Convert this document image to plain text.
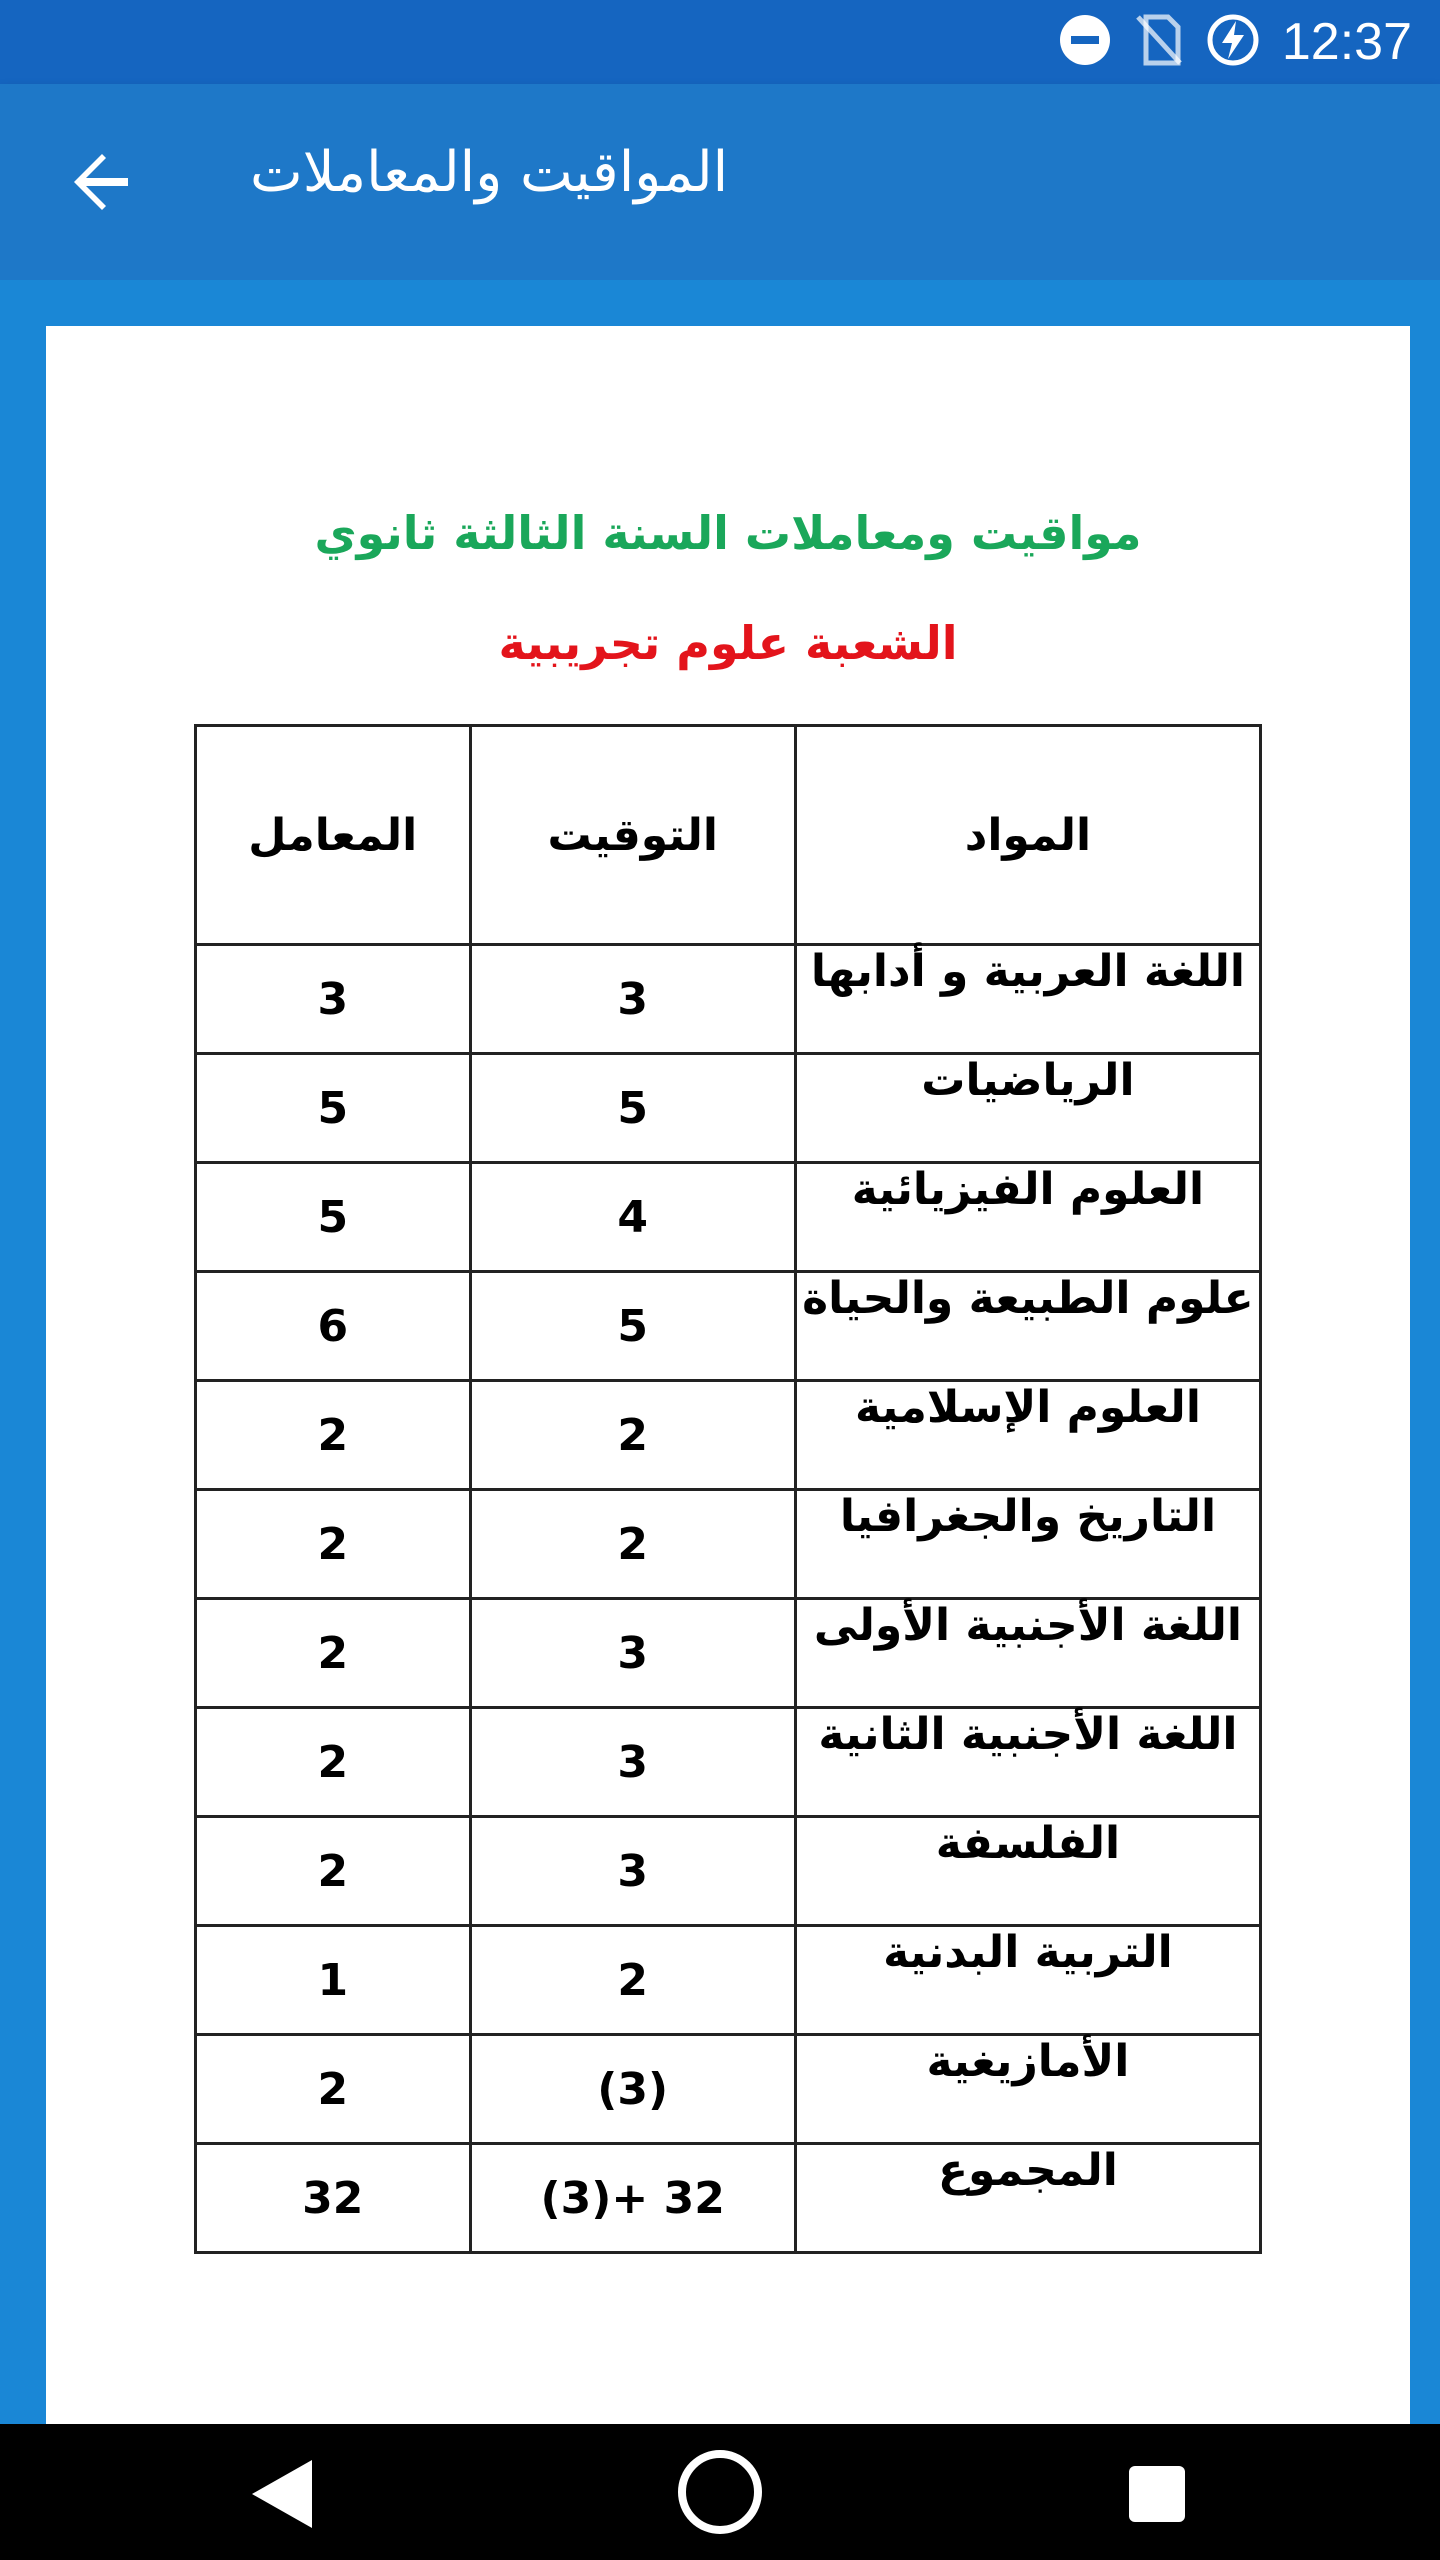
12:37
المواقيت والمعاملات
مواقيت ومعاملات السنة الثالثة ثانوي
الشعبة علوم تجريبية
المواد	التوقيت	المعامل
اللغة العربية و أدابها	3	3
الرياضيات	5	5
العلوم الفيزيائية	4	5
علوم الطبيعة والحياة	5	6
العلوم الإسلامية	2	2
التاريخ والجغرافيا	2	2
اللغة الأجنبية الأولى	3	2
اللغة الأجنبية الثانية	3	2
الفلسفة	3	2
التربية البدنية	2	1
الأمازيغية	(3)	2
المجموع	32 +(3)	32
